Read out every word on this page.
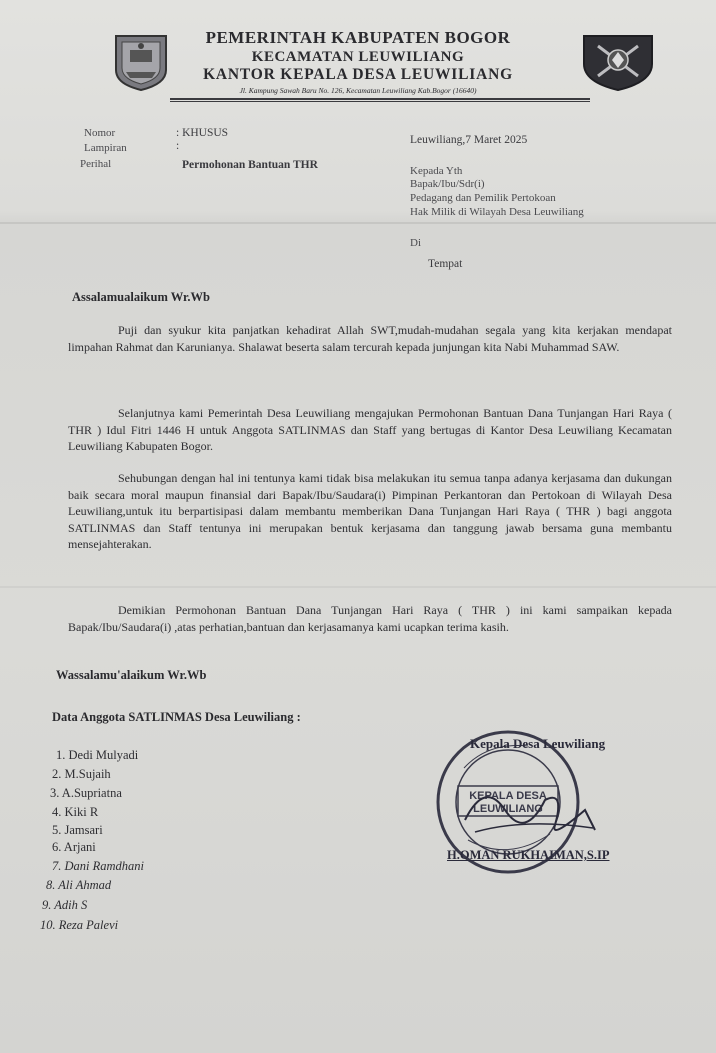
PEMERINTAH KABUPATEN BOGOR
KECAMATAN LEUWILIANG
KANTOR KEPALA DESA LEUWILIANG
Jl. Kampung Sawah Baru No. 126, Kecamatan Leuwiliang Kab.Bogor (16640)
Nomor	: KHUSUS
Lampiran	:
Perihal	Permohonan Bantuan THR
Leuwiliang,7 Maret 2025
Kepada Yth
Bapak/Ibu/Sdr(i)
Pedagang dan Pemilik Pertokoan
Hak Milik di Wilayah Desa Leuwiliang
Di
Tempat
Assalamualaikum Wr.Wb
Puji dan syukur kita panjatkan kehadirat Allah SWT,mudah-mudahan segala yang kita kerjakan mendapat limpahan Rahmat dan Karunianya. Shalawat beserta salam tercurah kepada junjungan kita Nabi Muhammad SAW.
Selanjutnya kami Pemerintah Desa Leuwiliang mengajukan Permohonan Bantuan Dana Tunjangan Hari Raya ( THR ) Idul Fitri 1446 H untuk Anggota SATLINMAS dan Staff yang bertugas di Kantor Desa Leuwiliang Kecamatan Leuwiliang Kabupaten Bogor.
Sehubungan dengan hal ini tentunya kami tidak bisa melakukan itu semua tanpa adanya kerjasama dan dukungan baik secara moral maupun finansial dari Bapak/Ibu/Saudara(i) Pimpinan Perkantoran dan Pertokoan di Wilayah Desa Leuwiliang,untuk itu berpartisipasi dalam membantu memberikan Dana Tunjangan Hari Raya ( THR ) bagi anggota SATLINMAS dan Staff tentunya ini merupakan bentuk kerjasama dan tanggung jawab bersama guna membantu mensejahterakan.
Demikian Permohonan Bantuan Dana Tunjangan Hari Raya ( THR ) ini kami sampaikan kepada Bapak/Ibu/Saudara(i) ,atas perhatian,bantuan dan kerjasamanya kami ucapkan terima kasih.
Wassalamu'alaikum Wr.Wb
Data Anggota SATLINMAS Desa Leuwiliang :
1. Dedi Mulyadi
2. M.Sujaih
3. A.Supriatna
4. Kiki R
5. Jamsari
6. Arjani
7. Dani Ramdhani
8. Ali Ahmad
9. Adih S
10. Reza Palevi
KEPALA DESA
LEUWILIANG
Kepala Desa Leuwiliang
H.OMAN RUKHAIMAN,S.IP
